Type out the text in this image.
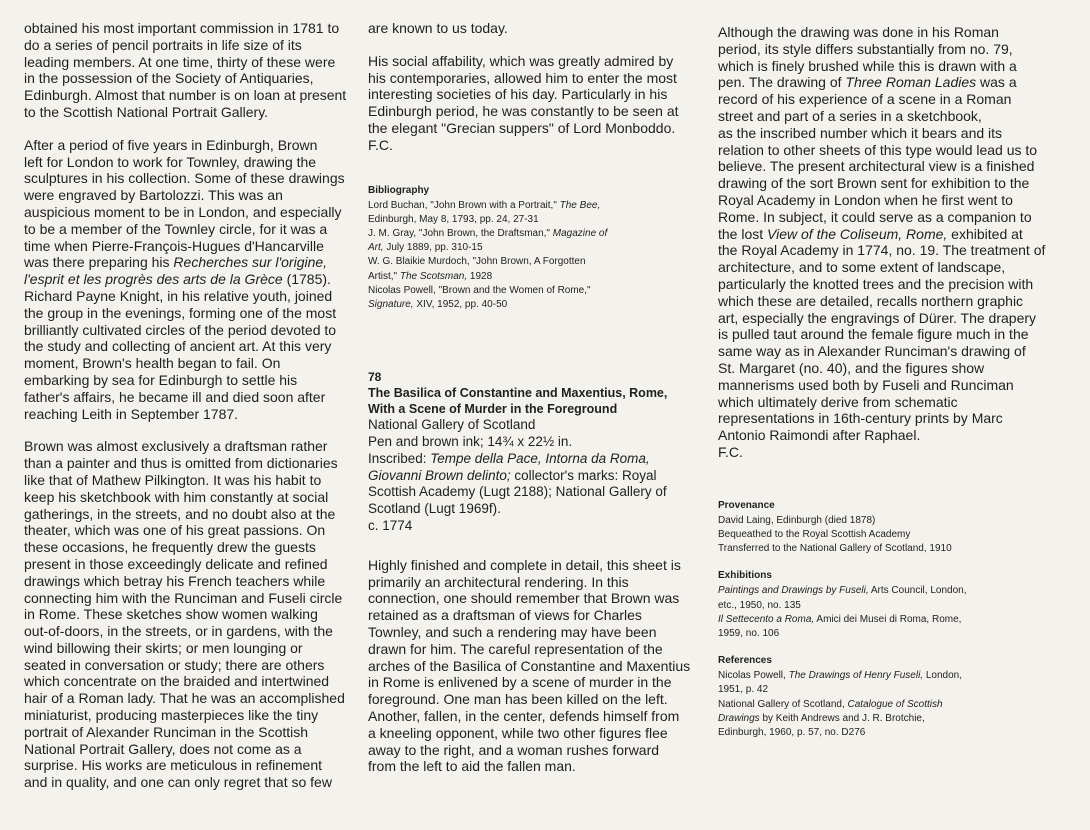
obtained his most important commission in 1781 to
do a series of pencil portraits in life size of its
leading members. At one time, thirty of these were
in the possession of the Society of Antiquaries,
Edinburgh. Almost that number is on loan at present
to the Scottish National Portrait Gallery.

After a period of five years in Edinburgh, Brown
left for London to work for Townley, drawing the
sculptures in his collection. Some of these drawings
were engraved by Bartolozzi. This was an
auspicious moment to be in London, and especially
to be a member of the Townley circle, for it was a
time when Pierre-François-Hugues d'Hancarville
was there preparing his Recherches sur l'origine,
l'esprit et les progrès des arts de la Grèce (1785).
Richard Payne Knight, in his relative youth, joined
the group in the evenings, forming one of the most
brilliantly cultivated circles of the period devoted to
the study and collecting of ancient art. At this very
moment, Brown's health began to fail. On
embarking by sea for Edinburgh to settle his
father's affairs, he became ill and died soon after
reaching Leith in September 1787.

Brown was almost exclusively a draftsman rather
than a painter and thus is omitted from dictionaries
like that of Mathew Pilkington. It was his habit to
keep his sketchbook with him constantly at social
gatherings, in the streets, and no doubt also at the
theater, which was one of his great passions. On
these occasions, he frequently drew the guests
present in those exceedingly delicate and refined
drawings which betray his French teachers while
connecting him with the Runciman and Fuseli circle
in Rome. These sketches show women walking
out-of-doors, in the streets, or in gardens, with the
wind billowing their skirts; or men lounging or
seated in conversation or study; there are others
which concentrate on the braided and intertwined
hair of a Roman lady. That he was an accomplished
miniaturist, producing masterpieces like the tiny
portrait of Alexander Runciman in the Scottish
National Portrait Gallery, does not come as a
surprise. His works are meticulous in refinement
and in quality, and one can only regret that so few

are known to us today.

His social affability, which was greatly admired by
his contemporaries, allowed him to enter the most
interesting societies of his day. Particularly in his
Edinburgh period, he was constantly to be seen at
the elegant "Grecian suppers" of Lord Monboddo.
F.C.

Bibliography

Lord Buchan, "John Brown with a Portrait," The Bee,
Edinburgh, May 8, 1793, pp. 24, 27-31
J. M. Gray, "John Brown, the Draftsman," Magazine of
Art, July 1889, pp. 310-15
W. G. Blaikie Murdoch, "John Brown, A Forgotten
Artist," The Scotsman, 1928
Nicolas Powell, "Brown and the Women of Rome,"
Signature, XIV, 1952, pp. 40-50

78

The Basilica of Constantine and Maxentius, Rome,
With a Scene of Murder in the Foreground

National Gallery of Scotland
Pen and brown ink; 14¾ x 22½ in.
Inscribed: Tempe della Pace, Intorna da Roma,
Giovanni Brown delinto; collector's marks: Royal
Scottish Academy (Lugt 2188); National Gallery of
Scotland (Lugt 1969f).
c. 1774

Highly finished and complete in detail, this sheet is
primarily an architectural rendering. In this
connection, one should remember that Brown was
retained as a draftsman of views for Charles
Townley, and such a rendering may have been
drawn for him. The careful representation of the
arches of the Basilica of Constantine and Maxentius
in Rome is enlivened by a scene of murder in the
foreground. One man has been killed on the left.
Another, fallen, in the center, defends himself from
a kneeling opponent, while two other figures flee
away to the right, and a woman rushes forward
from the left to aid the fallen man.

Although the drawing was done in his Roman
period, its style differs substantially from no. 79,
which is finely brushed while this is drawn with a
pen. The drawing of Three Roman Ladies was a
record of his experience of a scene in a Roman
street and part of a series in a sketchbook,
as the inscribed number which it bears and its
relation to other sheets of this type would lead us to
believe. The present architectural view is a finished
drawing of the sort Brown sent for exhibition to the
Royal Academy in London when he first went to
Rome. In subject, it could serve as a companion to
the lost View of the Coliseum, Rome, exhibited at
the Royal Academy in 1774, no. 19. The treatment of
architecture, and to some extent of landscape,
particularly the knotted trees and the precision with
which these are detailed, recalls northern graphic
art, especially the engravings of Dürer. The drapery
is pulled taut around the female figure much in the
same way as in Alexander Runciman's drawing of
St. Margaret (no. 40), and the figures show
mannerisms used both by Fuseli and Runciman
which ultimately derive from schematic
representations in 16th-century prints by Marc
Antonio Raimondi after Raphael.
F.C.

Provenance

David Laing, Edinburgh (died 1878)
Bequeathed to the Royal Scottish Academy
Transferred to the National Gallery of Scotland, 1910

Exhibitions

Paintings and Drawings by Fuseli, Arts Council, London,
etc., 1950, no. 135
Il Settecento a Roma, Amici dei Musei di Roma, Rome,
1959, no. 106

References

Nicolas Powell, The Drawings of Henry Fuseli, London,
1951, p. 42
National Gallery of Scotland, Catalogue of Scottish
Drawings by Keith Andrews and J. R. Brotchie,
Edinburgh, 1960, p. 57, no. D276
